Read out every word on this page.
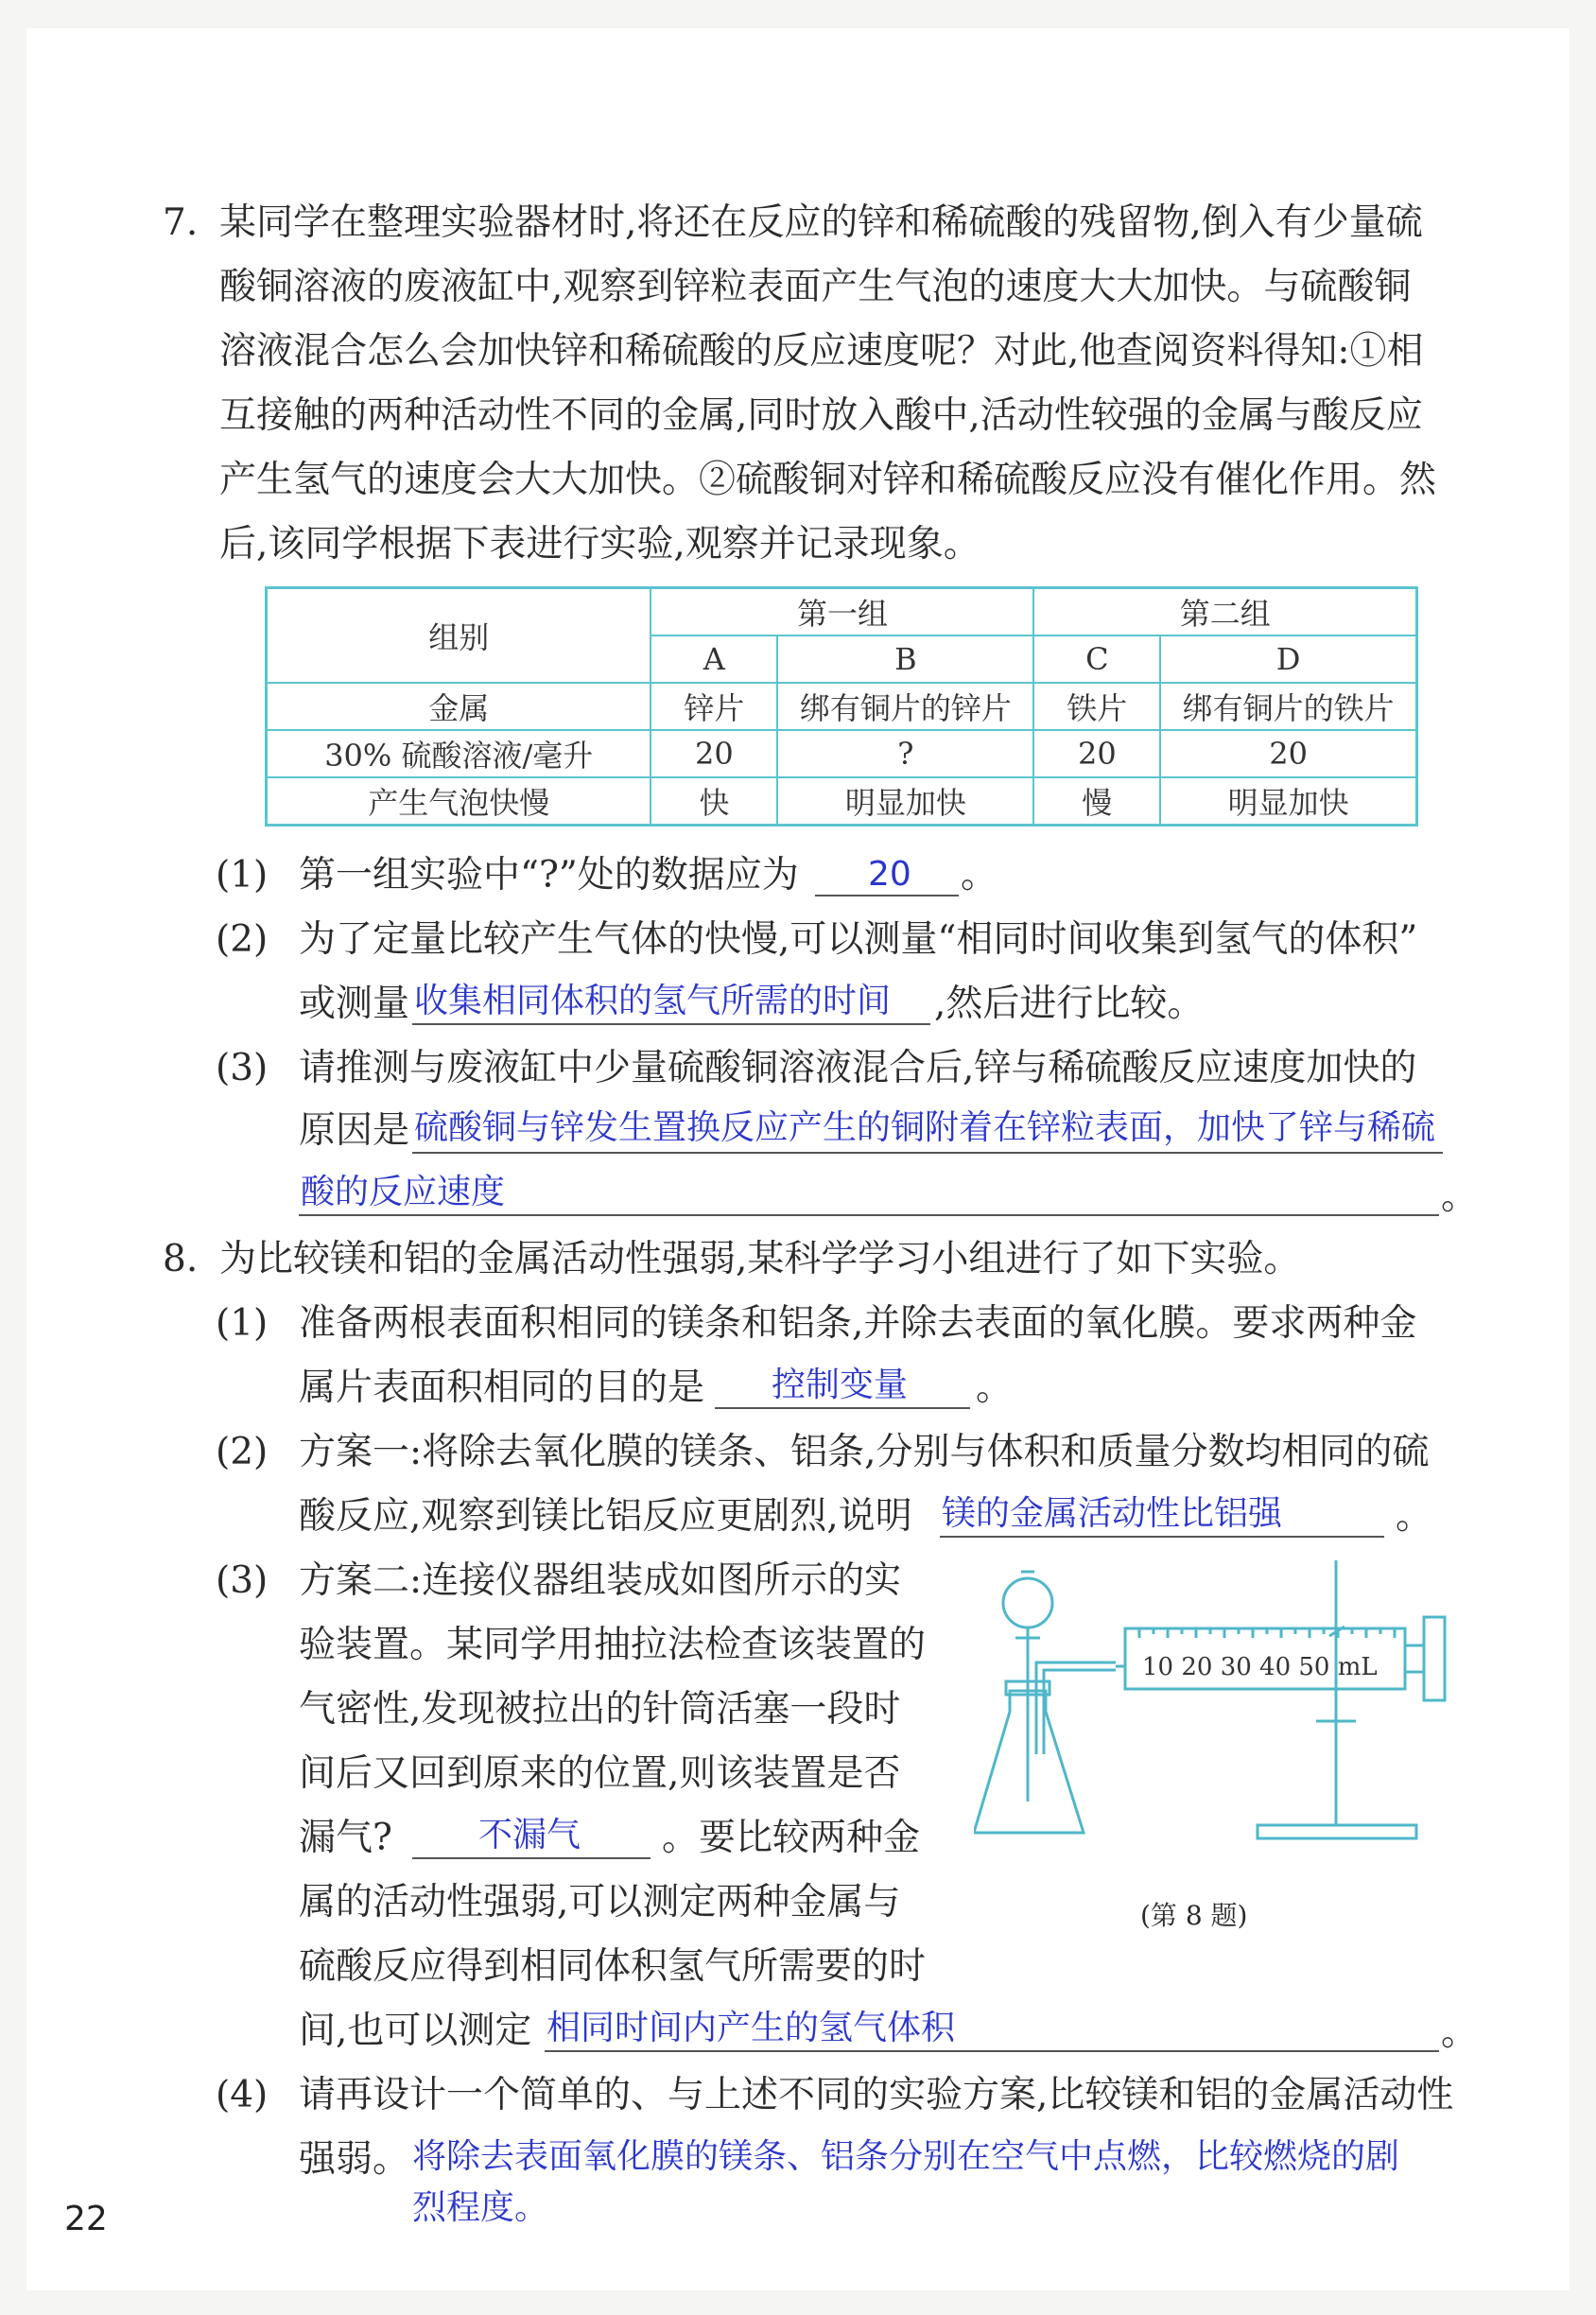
7. 某同学在整理实验器材时,将还在反应的锌和稀硫酸的残留物,倒入有少量硫
酸铜溶液的废液缸中,观察到锌粒表面产生气泡的速度大大加快。与硫酸铜
溶液混合怎么会加快锌和稀硫酸的反应速度呢？对此,他查阅资料得知:①相
互接触的两种活动性不同的金属,同时放入酸中,活动性较强的金属与酸反应
产生氢气的速度会大大加快。②硫酸铜对锌和稀硫酸反应没有催化作用。然
后,该同学根据下表进行实验,观察并记录现象。
组别	第一组		第二组	
	A	B	C	D
金属	锌片	绑有铜片的锌片	铁片	绑有铜片的铁片
30% 硫酸溶液/毫升	20	?	20	20
产生气泡快慢	快	明显加快	慢	明显加快
(1) 第一组实验中“?”处的数据应为 20 。
(2) 为了定量比较产生气体的快慢,可以测量“相同时间收集到氢气的体积”
或测量 收集相同体积的氢气所需的时间 ,然后进行比较。
(3) 请推测与废液缸中少量硫酸铜溶液混合后,锌与稀硫酸反应速度加快的
原因是 硫酸铜与锌发生置换反应产生的铜附着在锌粒表面，加快了锌与稀硫
酸的反应速度	。
8. 为比较镁和铝的金属活动性强弱,某科学学习小组进行了如下实验。
(1) 准备两根表面积相同的镁条和铝条,并除去表面的氧化膜。要求两种金
属片表面积相同的目的是 控制变量 。
(2) 方案一:将除去氧化膜的镁条、铝条,分别与体积和质量分数均相同的硫
酸反应,观察到镁比铝反应更剧烈,说明 镁的金属活动性比铝强	。
(3) 方案二:连接仪器组装成如图所示的实
验装置。某同学用抽拉法检查该装置的
气密性,发现被拉出的针筒活塞一段时
间后又回到原来的位置,则该装置是否
漏气?	不漏气 。要比较两种金
属的活动性强弱,可以测定两种金属与
硫酸反应得到相同体积氢气所需要的时
间,也可以测定 相同时间内产生的氢气体积	。
10 20 30 40 50 mL
(第 8 题)
(4) 请再设计一个简单的、与上述不同的实验方案,比较镁和铝的金属活动性
强弱。 将除去表面氧化膜的镁条、铝条分别在空气中点燃，比较燃烧的剧
烈程度。
22
